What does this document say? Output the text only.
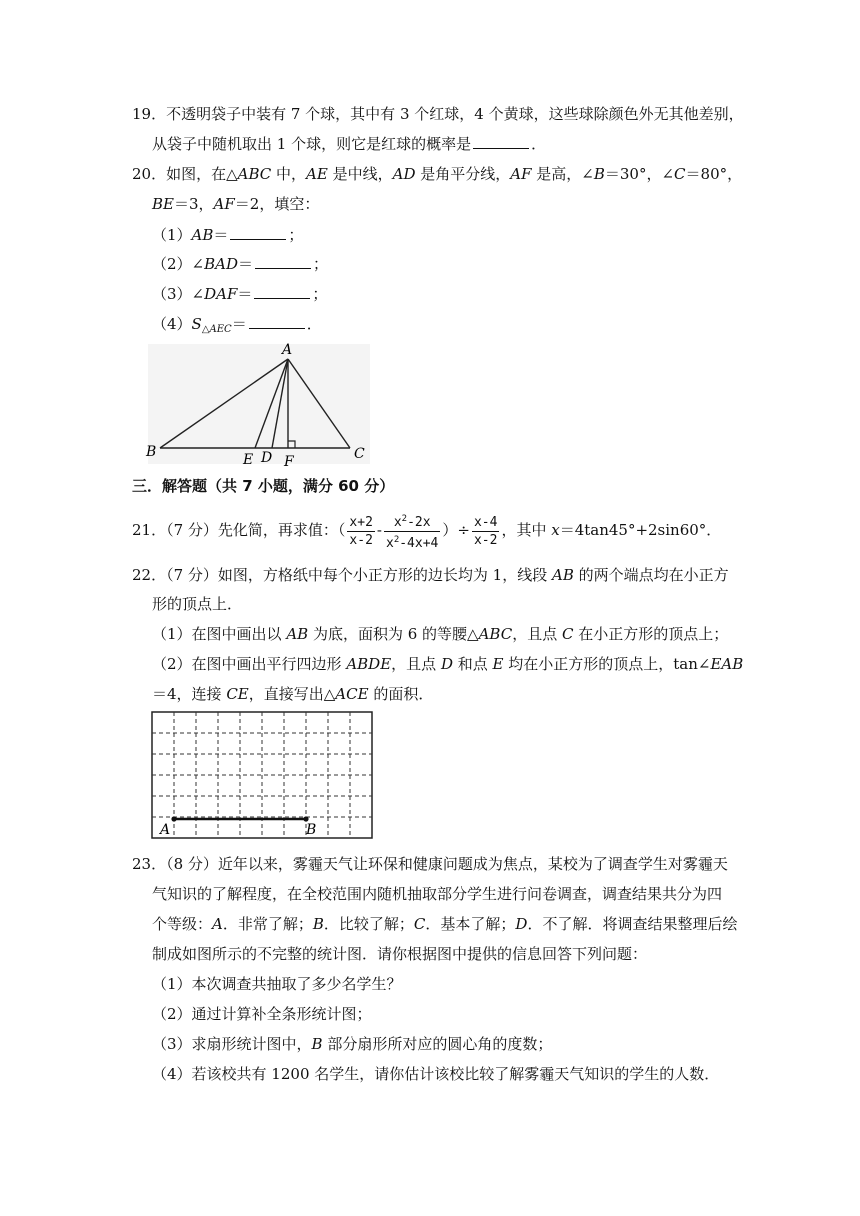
19．不透明袋子中装有 7 个球，其中有 3 个红球，4 个黄球，这些球除颜色外无其他差别，
从袋子中随机取出 1 个球，则它是红球的概率是	．
20．如图，在△ABC 中，AE 是中线，AD 是角平分线，AF 是高，∠B＝30°，∠C＝80°，
BE＝3，AF＝2，填空：
（1）AB＝	；
（2）∠BAD＝	；
（3）∠DAF＝	；
$(4)S_{\triangle AEC}=$	．
A
B	C
E D F
三．解答题（共 7 小题，满分 60 分）
21．（7 分）先化简，再求值：（ $\frac{x+2}{x-2} - \frac{x^2-2x}{x^2-4x+4}$ ）÷ $\frac{x-4}{x-2}$ ，其中 x＝4tan45°+2sin60°．
22．（7 分）如图，方格纸中每个小正方形的边长均为 1，线段 AB 的两个端点均在小正方
形的顶点上．
（1）在图中画出以 AB 为底，面积为 6 的等腰△ABC，且点 C 在小正方形的顶点上；
（2）在图中画出平行四边形 ABDE，且点 D 和点 E 均在小正方形的顶点上，tan∠EAB
＝4，连接 CE，直接写出△ACE 的面积．
A	B
23．（8 分）近年以来，雾霾天气让环保和健康问题成为焦点，某校为了调查学生对雾霾天
气知识的了解程度，在全校范围内随机抽取部分学生进行问卷调查，调查结果共分为四
个等级：A．非常了解；B．比较了解；C．基本了解；D．不了解．将调查结果整理后绘
制成如图所示的不完整的统计图．请你根据图中提供的信息回答下列问题：
（1）本次调查共抽取了多少名学生？
（2）通过计算补全条形统计图；
（3）求扇形统计图中，B 部分扇形所对应的圆心角的度数；
（4）若该校共有 1200 名学生，请你估计该校比较了解雾霾天气知识的学生的人数．
